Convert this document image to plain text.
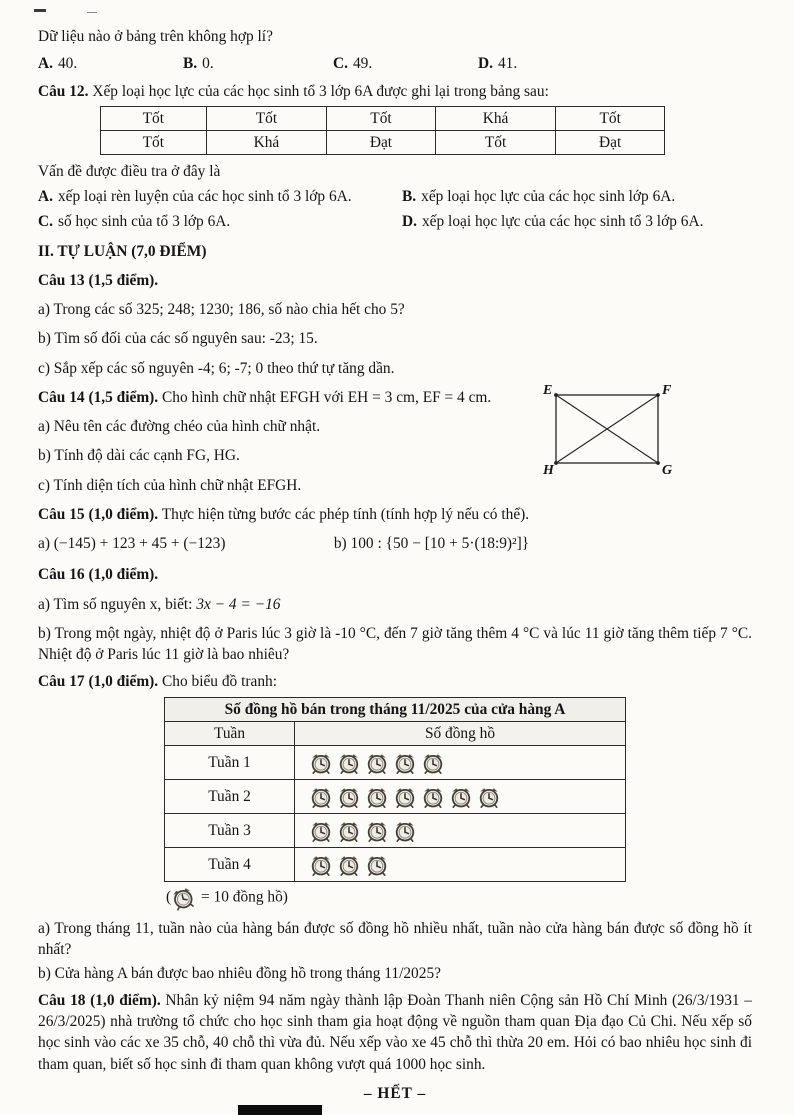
Dữ liệu nào ở bảng trên không hợp lí?

A. 40.	B. 0.	C. 49.	D. 41.

Câu 12. Xếp loại học lực của các học sinh tổ 3 lớp 6A được ghi lại trong bảng sau:

Tốt	Tốt	Tốt	Khá	Tốt
Tốt	Khá	Đạt	Tốt	Đạt

Vấn đề được điều tra ở đây là

A. xếp loại rèn luyện của các học sinh tổ 3 lớp 6A.	B. xếp loại học lực của các học sinh lớp 6A.
C. số học sinh của tổ 3 lớp 6A.	D. xếp loại học lực của các học sinh tổ 3 lớp 6A.

II. TỰ LUẬN (7,0 ĐIỂM)

Câu 13 (1,5 điểm).

a) Trong các số 325; 248; 1230; 186, số nào chia hết cho 5?

b) Tìm số đối của các số nguyên sau: -23; 15.

c) Sắp xếp các số nguyên -4; 6; -7; 0 theo thứ tự tăng dần.

Câu 14 (1,5 điểm). Cho hình chữ nhật EFGH với EH = 3 cm, EF = 4 cm.

a) Nêu tên các đường chéo của hình chữ nhật.

b) Tính độ dài các cạnh FG, HG.

c) Tính diện tích của hình chữ nhật EFGH.

E	F
H	G

Câu 15 (1,0 điểm). Thực hiện từng bước các phép tính (tính hợp lý nếu có thể).

a) (−145) + 123 + 45 + (−123)	b) 100 : {50 − [10 + 5·(18:9)²]}

Câu 16 (1,0 điểm).

a) Tìm số nguyên x, biết: 3x − 4 = −16

b) Trong một ngày, nhiệt độ ở Paris lúc 3 giờ là -10 °C, đến 7 giờ tăng thêm 4 °C và lúc 11 giờ tăng thêm tiếp 7 °C. Nhiệt độ ở Paris lúc 11 giờ là bao nhiêu?

Câu 17 (1,0 điểm). Cho biểu đồ tranh:

Số đồng hồ bán trong tháng 11/2025 của cửa hàng A	
Tuần	Số đồng hồ
Tuần 1	
Tuần 2	
Tuần 3	
Tuần 4	

( = 10 đồng hồ)

a) Trong tháng 11, tuần nào của hàng bán được số đồng hồ nhiều nhất, tuần nào cửa hàng bán được số đồng hồ ít nhất?

b) Cửa hàng A bán được bao nhiêu đồng hồ trong tháng 11/2025?

Câu 18 (1,0 điểm). Nhân kỷ niệm 94 năm ngày thành lập Đoàn Thanh niên Cộng sản Hồ Chí Minh (26/3/1931 – 26/3/2025) nhà trường tổ chức cho học sinh tham gia hoạt động về nguồn tham quan Địa đạo Củ Chi. Nếu xếp số học sinh vào các xe 35 chỗ, 40 chỗ thì vừa đủ. Nếu xếp vào xe 45 chỗ thì thừa 20 em. Hỏi có bao nhiêu học sinh đi tham quan, biết số học sinh đi tham quan không vượt quá 1000 học sinh.

– HẾT –
